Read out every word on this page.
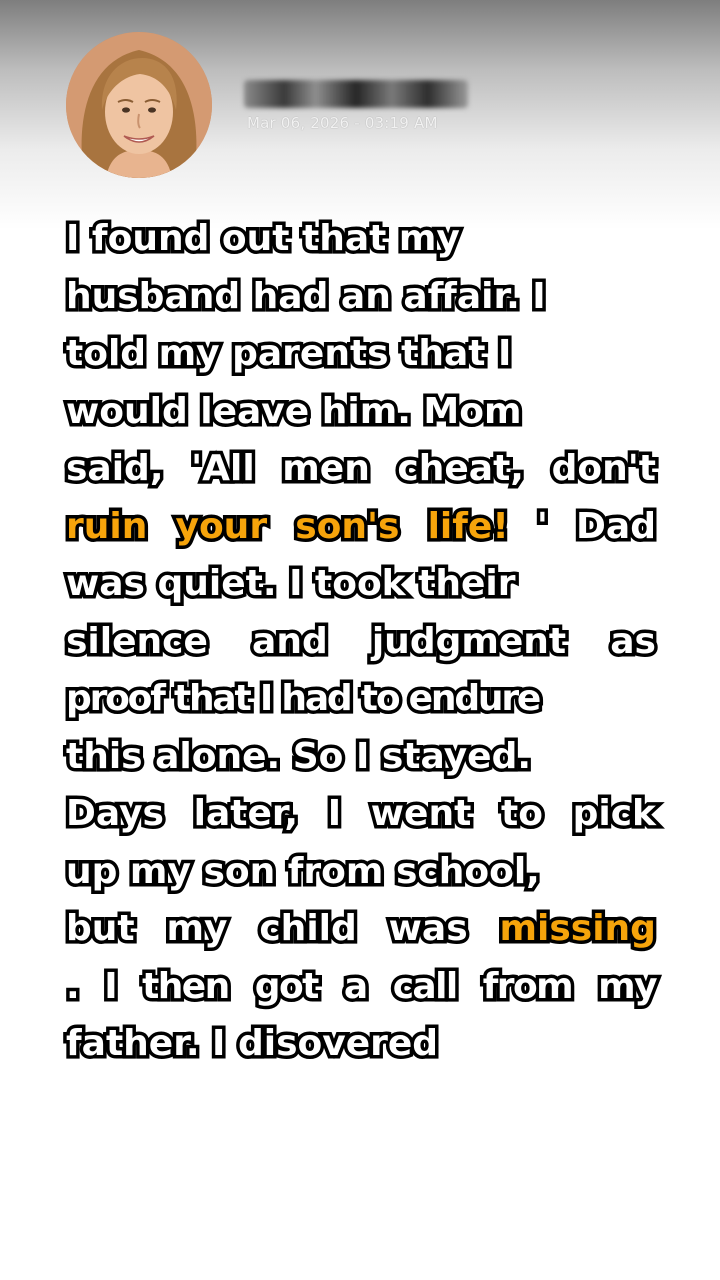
Mar 06, 2026 - 03:19 AM
I found out that my
husband had an affair. I
told my parents that I
would leave him. Mom
said, 'All men cheat, don't
ruin your son's life! ' Dad
was quiet. I took their
silence and judgment as
proof that I had to endure
this alone. So I stayed.
Days later, I went to pick
up my son from school,
but my child was missing
. I then got a call from my
father. I disovered
